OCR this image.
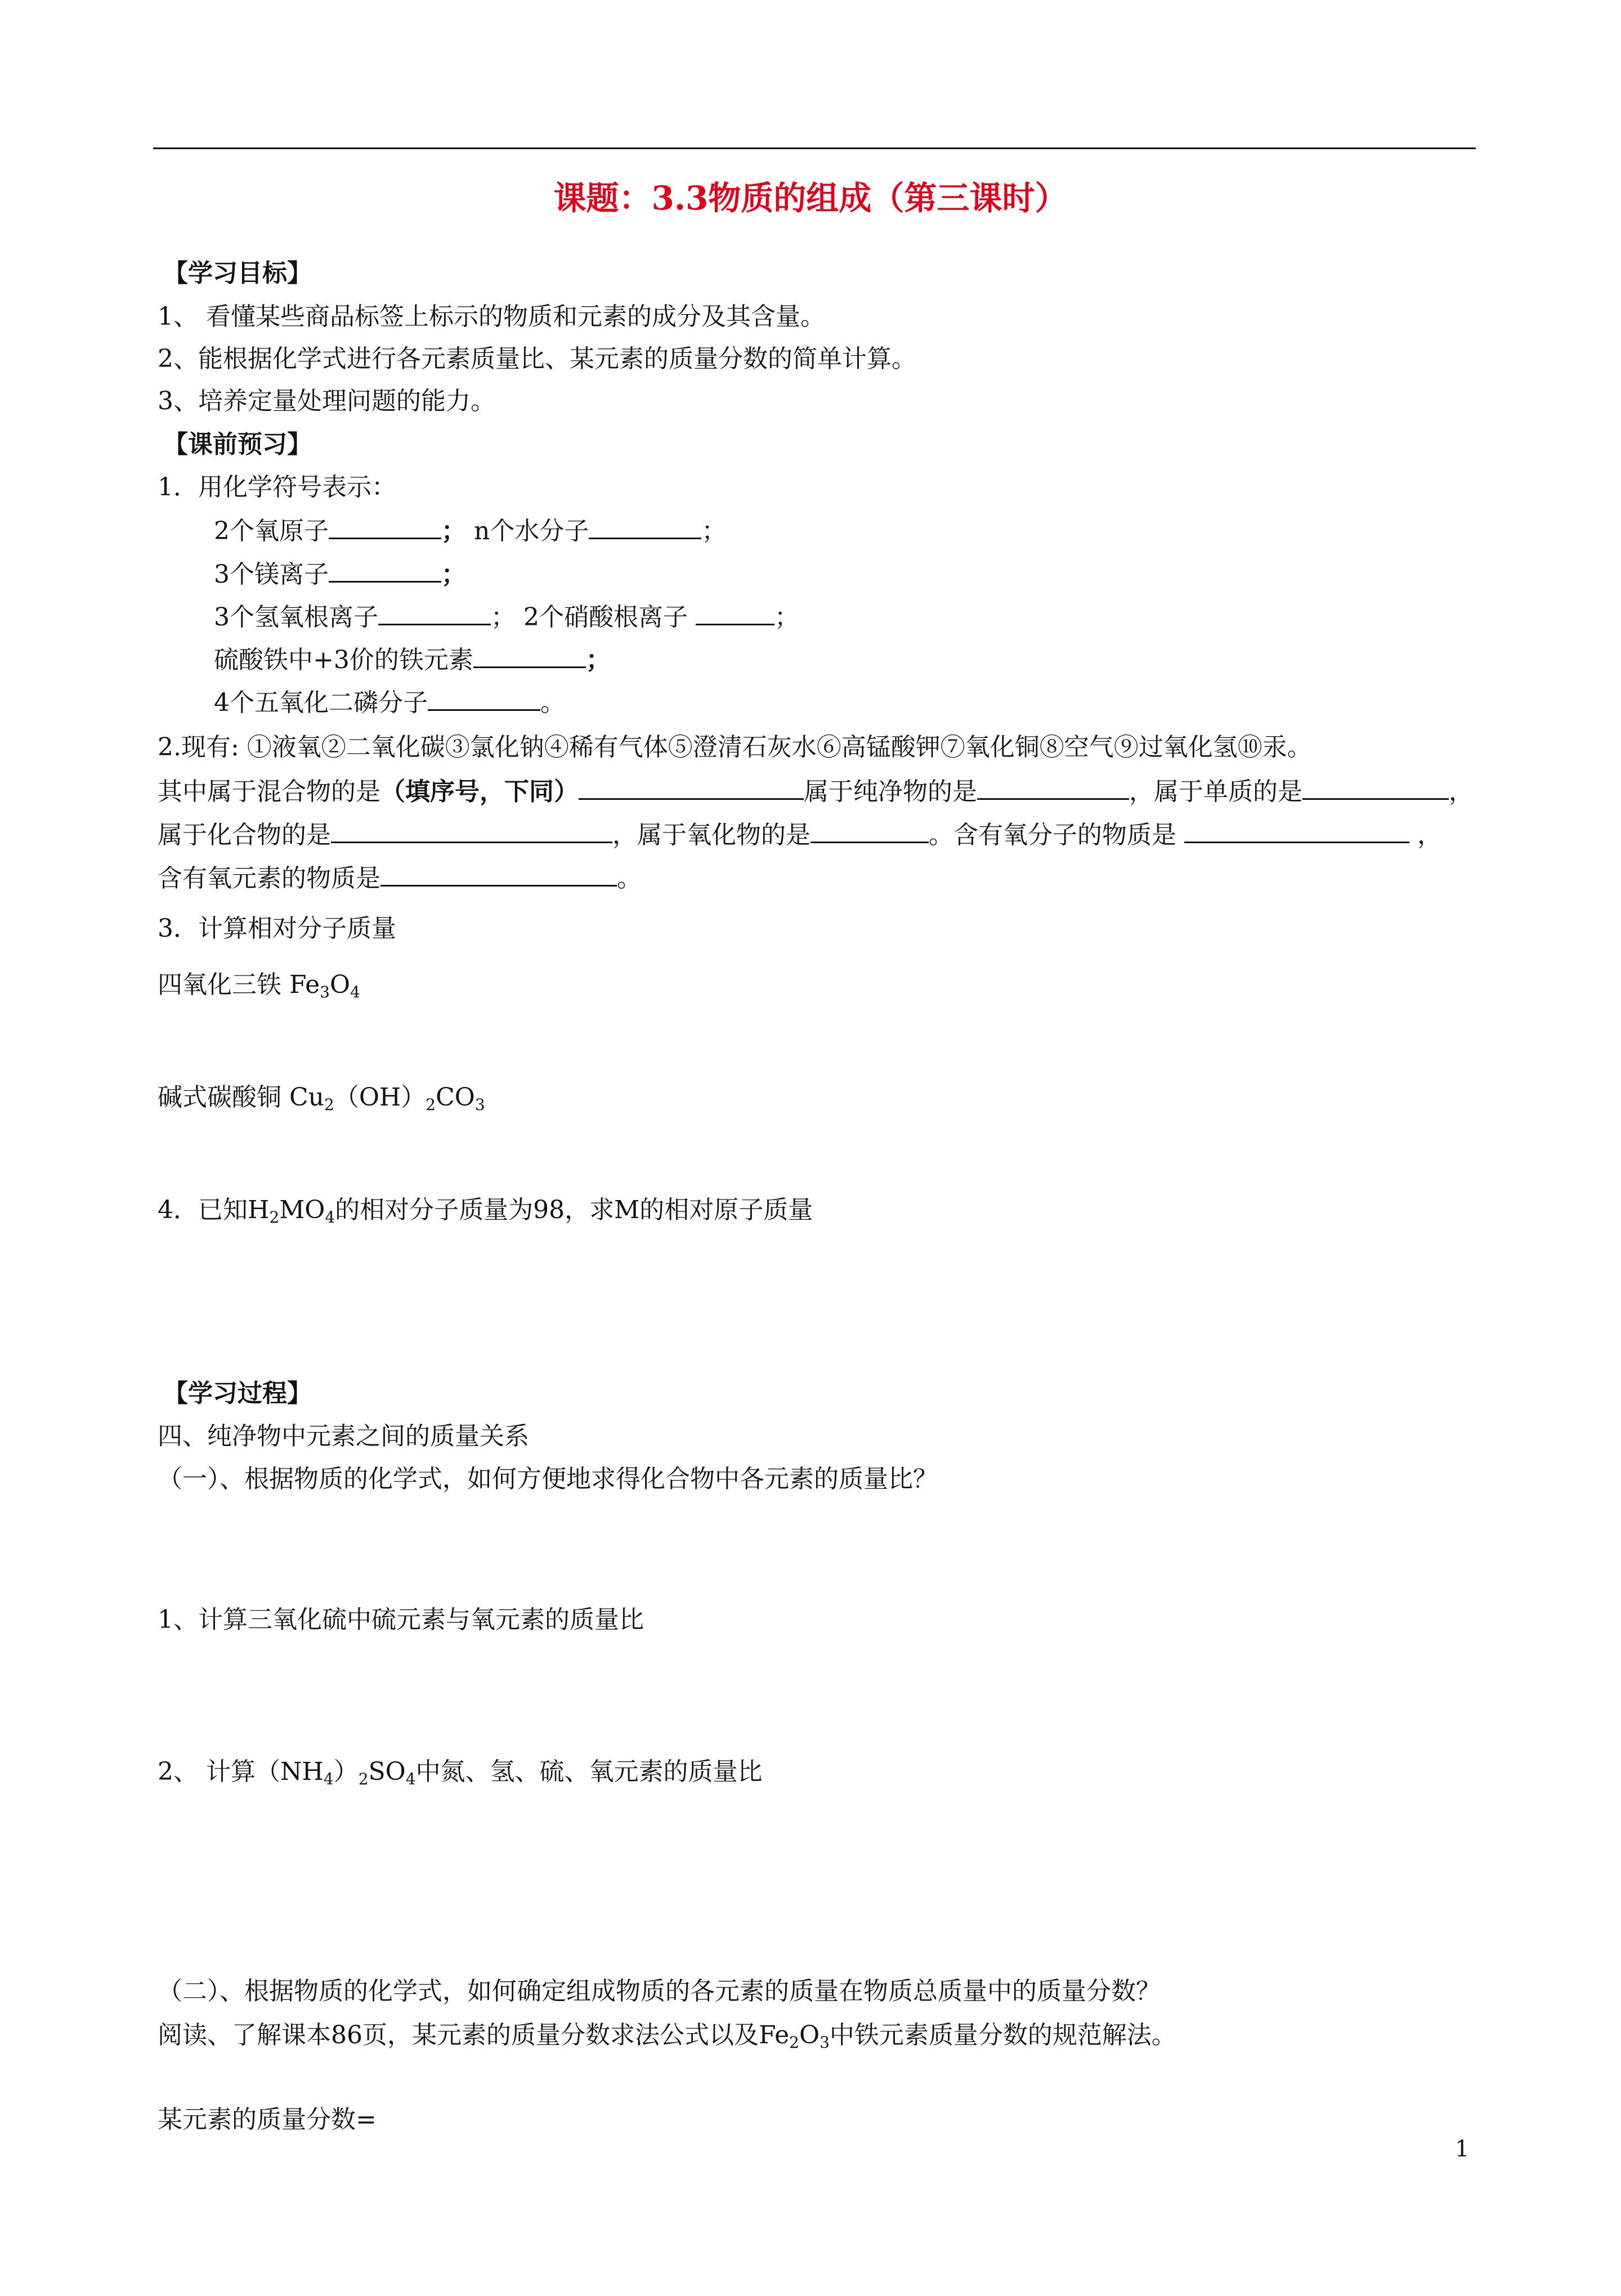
课题：3.3物质的组成（第三课时）
【学习目标】
1、 看懂某些商品标签上标示的物质和元素的成分及其含量。
2、能根据化学式进行各元素质量比、某元素的质量分数的简单计算。
3、培养定量处理问题的能力。
【课前预习】
1．用化学符号表示：
2个氧原子	； n个水分子	；
3个镁离子	；
3个氢氧根离子	； 2个硝酸根离子	；
硫酸铁中+3价的铁元素	；
4个五氧化二磷分子	。
2.现有: ①液氧②二氧化碳③氯化钠④稀有气体⑤澄清石灰水⑥高锰酸钾⑦氧化铜⑧空气⑨过氧化氢⑩汞。
其中属于混合物的是（填序号，下同）	属于纯净物的是	，属于单质的是	，
属于化合物的是	，属于氧化物的是	。含有氧分子的物质是	，
含有氧元素的物质是	。
3．计算相对分子质量
四氧化三铁 $Fe_3O_4$
碱式碳酸铜 $Cu_2(OH)_2CO_3$
4．已知$H_2MO_4$的相对分子质量为98，求M的相对原子质量
【学习过程】
四、纯净物中元素之间的质量关系
（一）、根据物质的化学式，如何方便地求得化合物中各元素的质量比？
1、计算三氧化硫中硫元素与氧元素的质量比
2、 计算$(NH_4)_2SO_4$中氮、氢、硫、氧元素的质量比
（二）、根据物质的化学式，如何确定组成物质的各元素的质量在物质总质量中的质量分数？
阅读、了解课本86页，某元素的质量分数求法公式以及$Fe_2O_3$中铁元素质量分数的规范解法。
某元素的质量分数=
1
